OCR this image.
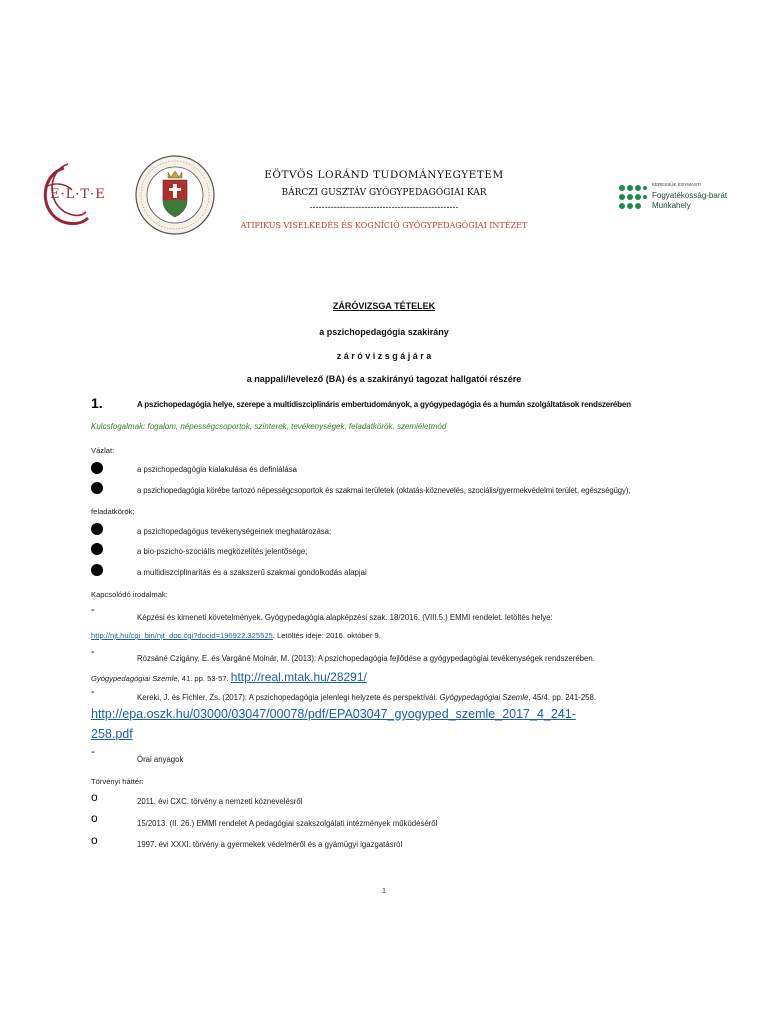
E·L·T·E
EÖTVÖS LORÁND TUDOMÁNYEGYETEM
BÁRCZI GUSZTÁV GYÓGYPEDAGÓGIAI KAR
-------------------------------------------------
ATIPIKUS VISELKEDÉS ÉS KOGNÍCIÓ GYÓGYPEDAGÓGIAI INTÉZET
KERESSÜK EGYMÁST!
Fogyatékosság-barát
Munkahely
ZÁRÓVIZSGA TÉTELEK
a pszichopedagógia szakirány
z á r ó v i z s g á j á r a
a nappali/levelező (BA) és a szakirányú tagozat hallgatói részére
1.	A pszichopedagógia helye, szerepe a multidiszciplináris embertudományok, a gyógypedagógia és a humán szolgáltatások rendszerében
Kulcsfogalmak: fogalom, népességcsoportok, színterek, tevékenységek, feladatkörök, szemléletmód
Vázlat:
a pszichopedagógia kialakulása és definiálása
a pszichopedagógia körébe tartozó népességcsoportok és szakmai területek (oktatás-köznevelés, szociális/gyermekvédelmi terület, egészségügy),
feladatkörök;
a pszichopedagógus tevékenységeinek meghatározása;
a bio-pszicho-szociális megközelítés jelentősége;
a multidiszciplinaritás és a szakszerű szakmai gondolkodás alapjai
Kapcsolódó irodalmak:
-
Képzési és kimeneti követelmények. Gyógypedagógia alapképzési szak. 18/2016. (VIII.5.) EMMI rendelet. letöltés helye:
http://njt.hu/cgi_bin/njt_doc.cgi?docid=196922.325525. Letöltés ideje: 2016. október 9.
-
Rózsáné Czigány, E. és Vargáné Molnár, M. (2013): A pszichopedagógia fejlődése a gyógypedagógiai tevékenységek rendszerében.
Gyógypedagógiai Szemle, 41. pp. 53-57. http://real.mtak.hu/28291/
-	Kereki, J. és Fichler, Zs. (2017): A pszichopedagógia jelenlegi helyzete és perspektívái. Gyógypedagógiai Szemle, 45/4. pp. 241-258.
http://epa.oszk.hu/03000/03047/00078/pdf/EPA03047_gyogyped_szemle_2017_4_241-
258.pdf
-
Órai anyagok
Törvényi háttér:
o	2011. évi CXC. törvény a nemzeti köznevelésről
o	15/2013. (II. 26.) EMMI rendelet A pedagógiai szakszolgálati intézmények működéséről
o	1997. évi XXXI. törvény a gyermekek védelméről és a gyámügyi igazgatásról
1
